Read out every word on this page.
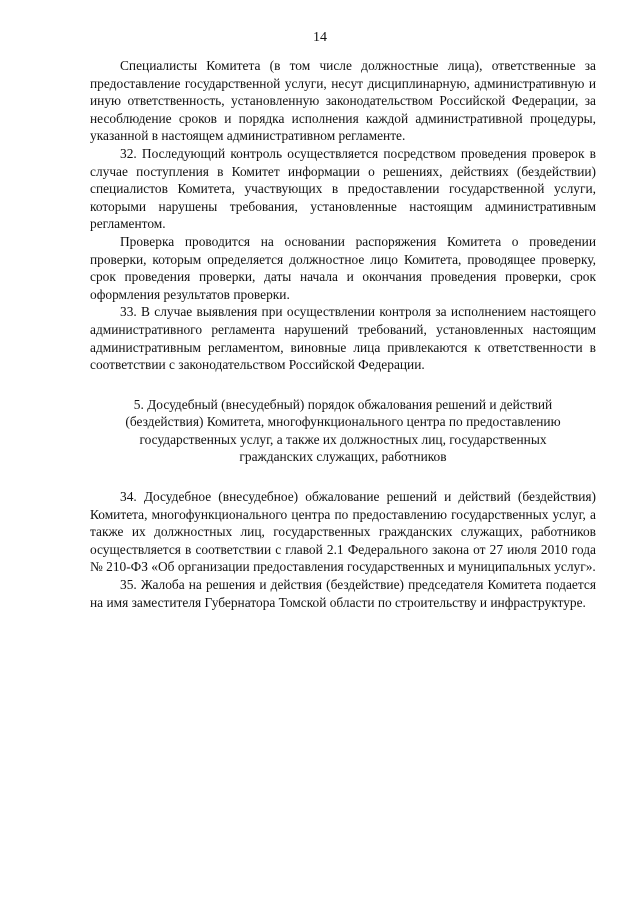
14

Специалисты Комитета (в том числе должностные лица), ответственные за предоставление государственной услуги, несут дисциплинарную, административную и иную ответственность, установленную законодательством Российской Федерации, за несоблюдение сроков и порядка исполнения каждой административной процедуры, указанной в настоящем административном регламенте.

32. Последующий контроль осуществляется посредством проведения проверок в случае поступления в Комитет информации о решениях, действиях (бездействии) специалистов Комитета, участвующих в предоставлении государственной услуги, которыми нарушены требования, установленные настоящим административным регламентом.

Проверка проводится на основании распоряжения Комитета о проведении проверки, которым определяется должностное лицо Комитета, проводящее проверку, срок проведения проверки, даты начала и окончания проведения проверки, срок оформления результатов проверки.

33. В случае выявления при осуществлении контроля за исполнением настоящего административного регламента нарушений требований, установленных настоящим административным регламентом, виновные лица привлекаются к ответственности в соответствии с законодательством Российской Федерации.

5. Досудебный (внесудебный) порядок обжалования решений и действий (бездействия) Комитета, многофункционального центра по предоставлению государственных услуг, а также их должностных лиц, государственных гражданских служащих, работников

34. Досудебное (внесудебное) обжалование решений и действий (бездействия) Комитета, многофункционального центра по предоставлению государственных услуг, а также их должностных лиц, государственных гражданских служащих, работников осуществляется в соответствии с главой 2.1 Федерального закона от 27 июля 2010 года № 210-ФЗ «Об организации предоставления государственных и муниципальных услуг».

35. Жалоба на решения и действия (бездействие) председателя Комитета подается на имя заместителя Губернатора Томской области по строительству и инфраструктуре.
